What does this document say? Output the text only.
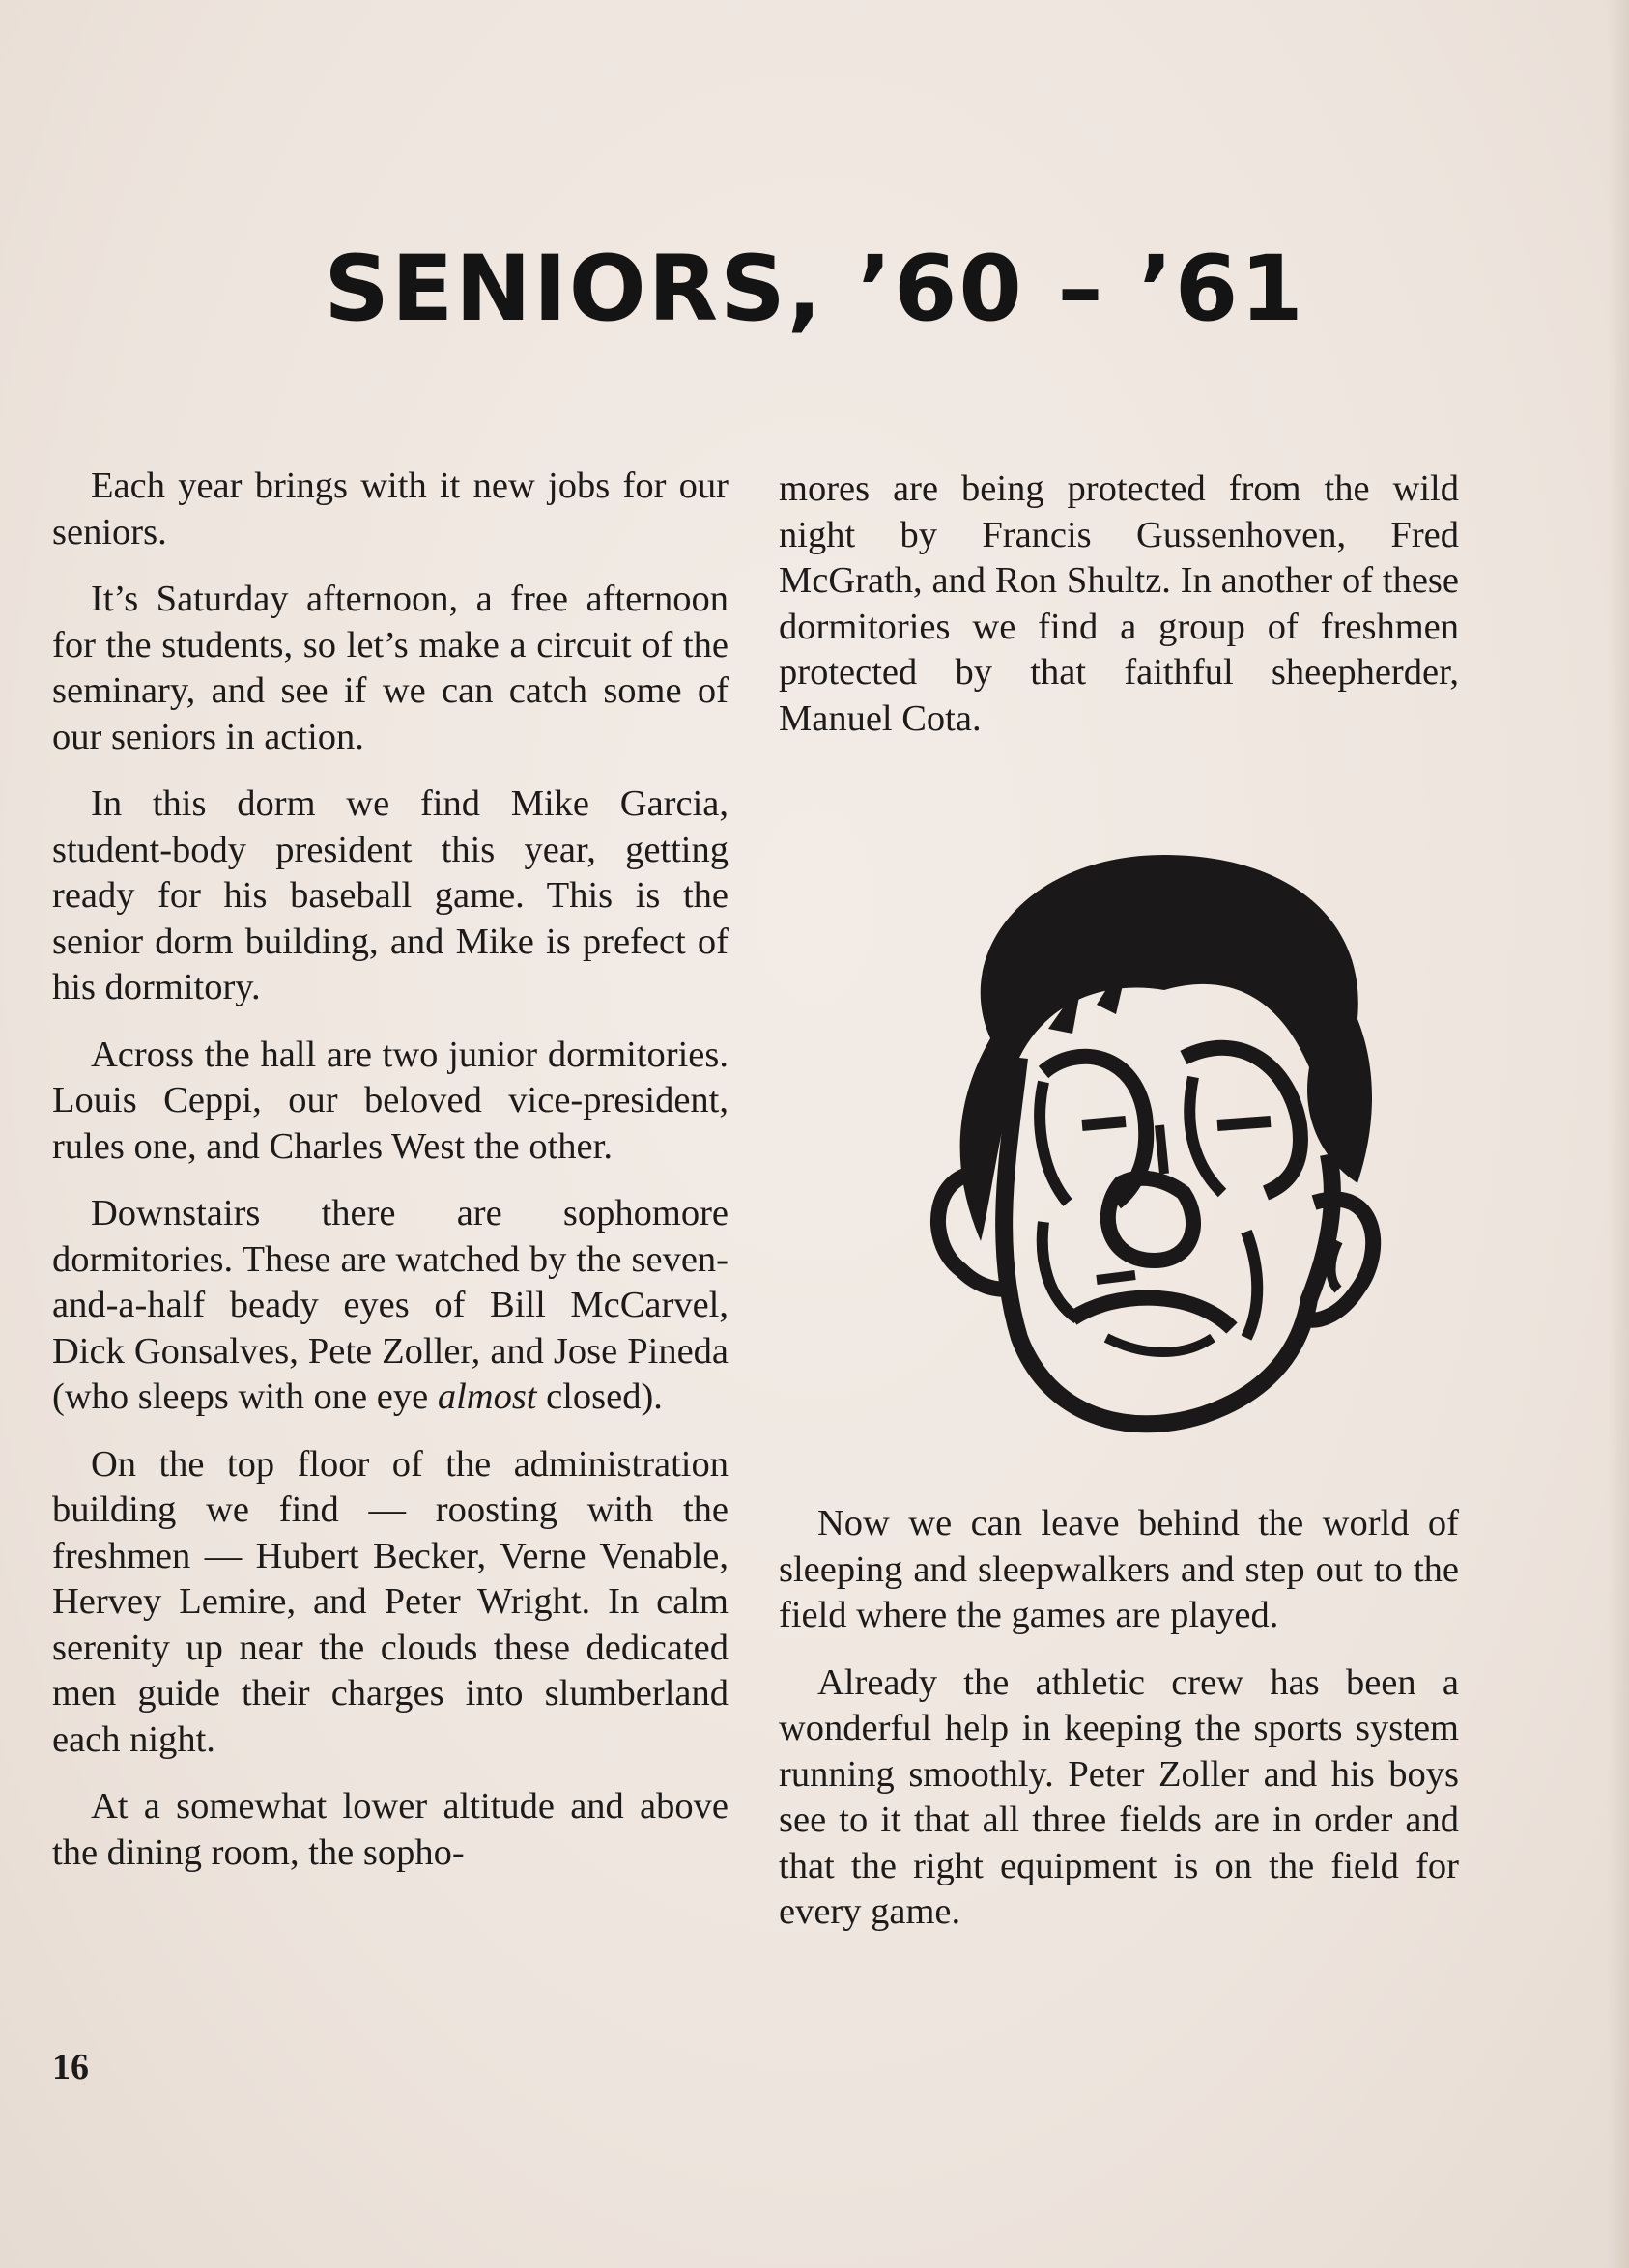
SENIORS, ’60 – ’61

Each year brings with it new jobs for our seniors.

It’s Saturday afternoon, a free afternoon for the students, so let’s make a circuit of the seminary, and see if we can catch some of our seniors in action.

In this dorm we find Mike Garcia, student-body president this year, getting ready for his baseball game. This is the senior dorm building, and Mike is prefect of his dormitory.

Across the hall are two junior dormitories. Louis Ceppi, our beloved vice-president, rules one, and Charles West the other.

Downstairs there are sophomore dormitories. These are watched by the seven-and-a-half beady eyes of Bill McCarvel, Dick Gonsalves, Pete Zoller, and Jose Pineda (who sleeps with one eye almost closed).

On the top floor of the administration building we find — roosting with the freshmen — Hubert Becker, Verne Venable, Hervey Lemire, and Peter Wright. In calm serenity up near the clouds these dedicated men guide their charges into slumberland each night.

At a somewhat lower altitude and above the dining room, the sopho-

mores are being protected from the wild night by Francis Gussenhoven, Fred McGrath, and Ron Shultz. In another of these dormitories we find a group of freshmen protected by that faithful sheepherder, Manuel Cota.

Now we can leave behind the world of sleeping and sleepwalkers and step out to the field where the games are played.

Already the athletic crew has been a wonderful help in keeping the sports system running smoothly. Peter Zoller and his boys see to it that all three fields are in order and that the right equipment is on the field for every game.

16
